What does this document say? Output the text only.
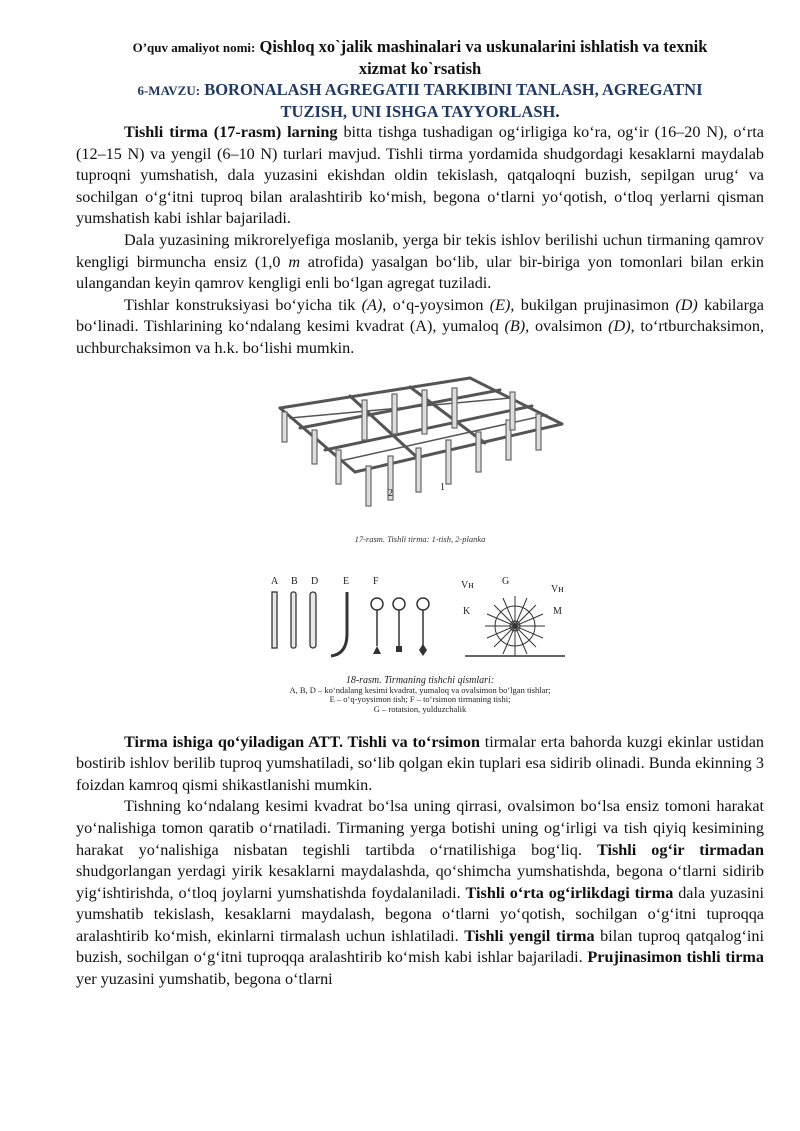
O’quv amaliyot nomi: Qishloq xo`jalik mashinalari va uskunalarini ishlatish va texnik
xizmat ko`rsatish
6-MAVZU: BORONALASH AGREGATII TARKIBINI TANLASH, AGREGATNI
TUZISH, UNI ISHGA TAYYORLASH.

Tishli tirma (17-rasm) larning bitta tishga tushadigan og‘irligiga ko‘ra, og‘ir (16–20 N), o‘rta (12–15 N) va yengil (6–10 N) turlari mavjud. Tishli tirma yordamida shudgordagi kesaklarni maydalab tuproqni yumshatish, dala yuzasini ekishdan oldin tekislash, qatqaloqni buzish, sepilgan urug‘ va sochilgan o‘g‘itni tuproq bilan aralashtirib ko‘mish, begona o‘tlarni yo‘qotish, o‘tloq yerlarni qisman yumshatish kabi ishlar bajariladi.

Dala yuzasining mikrorelyefiga moslanib, yerga bir tekis ishlov berilishi uchun tirmaning qamrov kengligi birmuncha ensiz (1,0 m atrofida) yasalgan bo‘lib, ular bir-biriga yon tomonlari bilan erkin ulangandan keyin qamrov kengligi enli bo‘lgan agregat tuziladi.

Tishlar konstruksiyasi bo‘yicha tik (A), o‘q-yoysimon (E), bukilgan prujinasimon (D) kabilarga bo‘linadi. Tishlarining ko‘ndalang kesimi kvadrat (A), yumaloq (B), ovalsimon (D), to‘rtburchaksimon, uchburchaksimon va h.k. bo‘lishi mumkin.

2
1
17-rasm. Tishli tirma: 1-tish, 2-planka
A B D E F	G
Vн	Vн
K	M
18-rasm. Tirmaning tishchi qismlari:
A, B, D – ko‘ndalang kesimi kvadrat, yumaloq va ovalsimon bo‘lgan tishlar;
E – o‘q-yoysimon tish; F – to‘rsimon tirmaning tishi;
G – rotatsion, yulduzchalik

Tirma ishiga qo‘yiladigan ATT. Tishli va to‘rsimon tirmalar erta bahorda kuzgi ekinlar ustidan bostirib ishlov berilib tuproq yumshatiladi, so‘lib qolgan ekin tuplari esa sidirib olinadi. Bunda ekinning 3 foizdan kamroq qismi shikastlanishi mumkin.

Tishning ko‘ndalang kesimi kvadrat bo‘lsa uning qirrasi, ovalsimon bo‘lsa ensiz tomoni harakat yo‘nalishiga tomon qaratib o‘rnatiladi. Tirmaning yerga botishi uning og‘irligi va tish qiyiq kesimining harakat yo‘nalishiga nisbatan tegishli tartibda o‘rnatilishiga bog‘liq. Tishli og‘ir tirmadan shudgorlangan yerdagi yirik kesaklarni maydalashda, qo‘shimcha yumshatishda, begona o‘tlarni sidirib yig‘ishtirishda, o‘tloq joylarni yumshatishda foydalaniladi. Tishli o‘rta og‘irlikdagi tirma dala yuzasini yumshatib tekislash, kesaklarni maydalash, begona o‘tlarni yo‘qotish, sochilgan o‘g‘itni tuproqqa aralashtirib ko‘mish, ekinlarni tirmalash uchun ishlatiladi. Tishli yengil tirma bilan tuproq qatqalog‘ini buzish, sochilgan o‘g‘itni tuproqqa aralashtirib ko‘mish kabi ishlar bajariladi. Prujinasimon tishli tirma yer yuzasini yumshatib, begona o‘tlarni
